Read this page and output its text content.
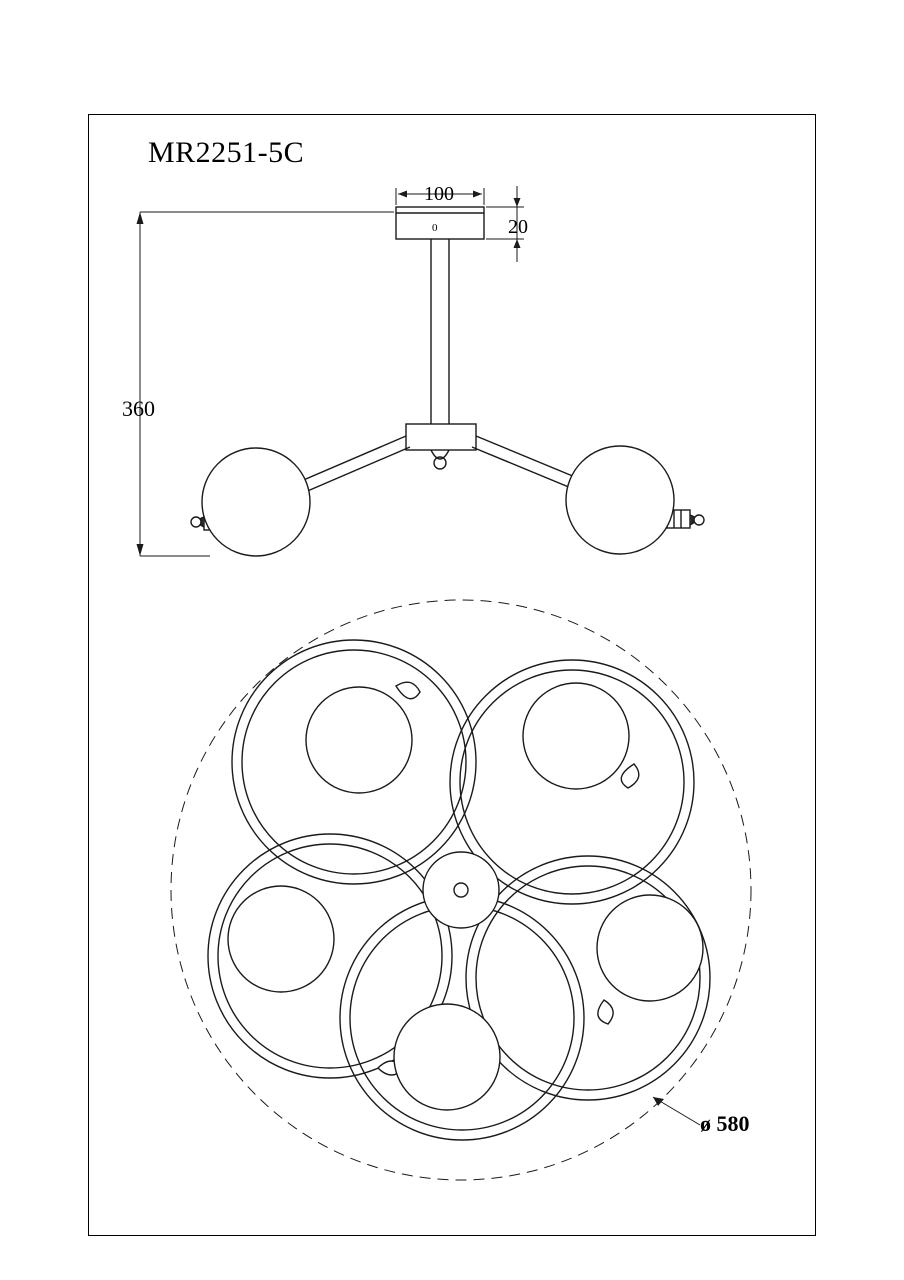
MR2251-5C
100
20
360
ø 580
0
